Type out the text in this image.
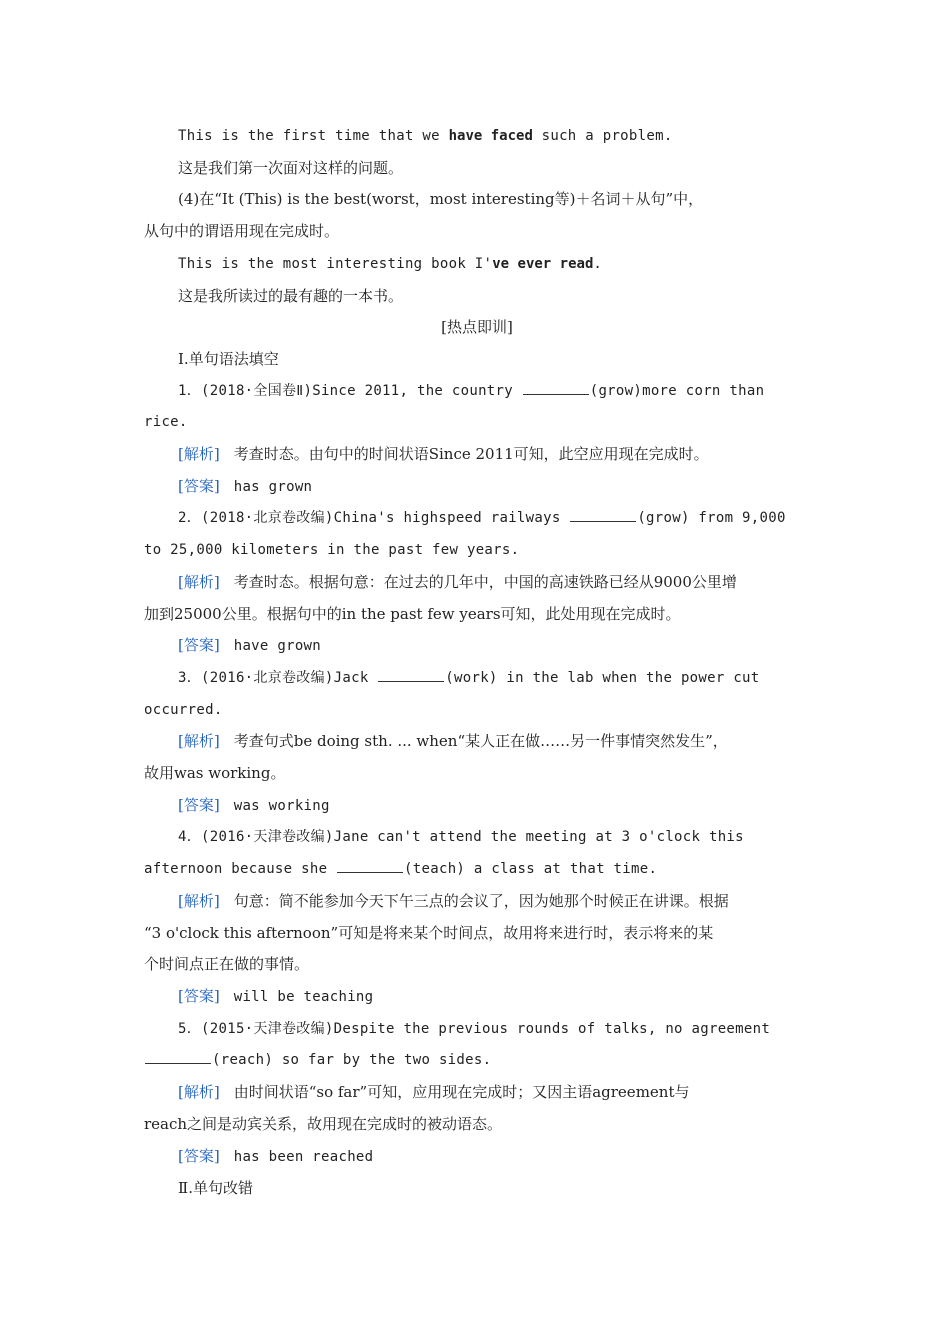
This is the first time that we have faced such a problem.

这是我们第一次面对这样的问题。

(4)在“It (This) is the best(worst，most interesting等)＋名词＋从句”中，

从句中的谓语用现在完成时。

This is the most interesting book I've ever read.

这是我所读过的最有趣的一本书。

[热点即训]

Ⅰ.单句语法填空

1．(2018·全国卷Ⅱ)Since 2011, the country	(grow)more corn than

rice.

[解析] 考查时态。由句中的时间状语Since 2011可知，此空应用现在完成时。

[答案] has grown

2．(2018·北京卷改编)China's highspeed railways	(grow) from 9,000

to 25,000 kilometers in the past few years.

[解析] 考查时态。根据句意：在过去的几年中，中国的高速铁路已经从9000公里增

加到25000公里。根据句中的in the past few years可知，此处用现在完成时。

[答案] have grown

3．(2016·北京卷改编)Jack	(work) in the lab when the power cut

occurred.

[解析] 考查句式be doing sth. ... when“某人正在做……另一件事情突然发生”，

故用was working。

[答案] was working

4．(2016·天津卷改编)Jane can't attend the meeting at 3 o'clock this

afternoon because she	(teach) a class at that time.

[解析] 句意：简不能参加今天下午三点的会议了，因为她那个时候正在讲课。根据

“3 o'clock this afternoon”可知是将来某个时间点，故用将来进行时，表示将来的某

个时间点正在做的事情。

[答案] will be teaching

5．(2015·天津卷改编)Despite the previous rounds of talks, no agreement

(reach) so far by the two sides.

[解析] 由时间状语“so far”可知，应用现在完成时；又因主语agreement与

reach之间是动宾关系，故用现在完成时的被动语态。

[答案] has been reached

Ⅱ.单句改错
